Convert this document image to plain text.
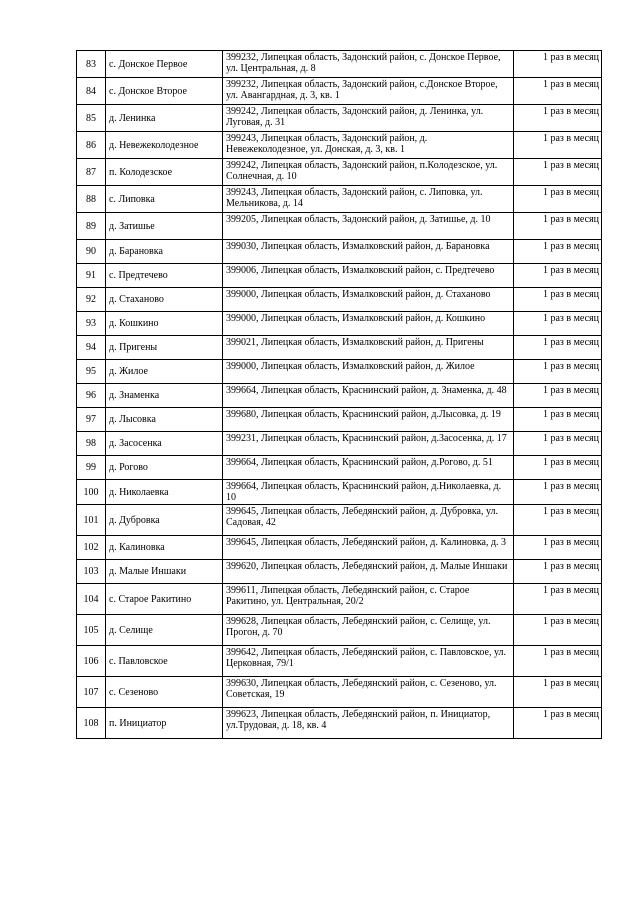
83	с. Донское Первое	399232, Липецкая область, Задонский район, с. Донское Первое, ул. Центральная, д. 8	1 раз в месяц
84	с. Донское Второе	399232, Липецкая область, Задонский район, с.Донское Второе, ул. Авангардная, д. 3, кв. 1	1 раз в месяц
85	д. Ленинка	399242, Липецкая область, Задонский район, д. Ленинка, ул. Луговая, д. 31	1 раз в месяц
86	д. Невежеколодезное	399243, Липецкая область, Задонский район, д. Невежеколодезное, ул. Донская, д. 3, кв. 1	1 раз в месяц
87	п. Колодезское	399242, Липецкая область, Задонский район, п.Колодезское, ул. Солнечная, д. 10	1 раз в месяц
88	с. Липовка	399243, Липецкая область, Задонский район, с. Липовка, ул. Мельникова, д. 14	1 раз в месяц
89	д. Затишье	399205, Липецкая область, Задонский район, д. Затишье, д. 10	1 раз в месяц
90	д. Барановка	399030, Липецкая область, Измалковский район, д. Барановка	1 раз в месяц
91	с. Предтечево	399006, Липецкая область, Измалковский район, с. Предтечево	1 раз в месяц
92	д. Стаханово	399000, Липецкая область, Измалковский район, д. Стаханово	1 раз в месяц
93	д. Кошкино	399000, Липецкая область, Измалковский район, д. Кошкино	1 раз в месяц
94	д. Пригены	399021, Липецкая область, Измалковский район, д. Пригены	1 раз в месяц
95	д. Жилое	399000, Липецкая область, Измалковский район, д. Жилое	1 раз в месяц
96	д. Знаменка	399664, Липецкая область, Краснинский район, д. Знаменка, д. 48	1 раз в месяц
97	д. Лысовка	399680, Липецкая область, Краснинский район, д.Лысовка, д. 19	1 раз в месяц
98	д. Засосенка	399231, Липецкая область, Краснинский район, д.Засосенка, д. 17	1 раз в месяц
99	д. Рогово	399664, Липецкая область, Краснинский район, д.Рогово, д. 51	1 раз в месяц
100	д. Николаевка	399664, Липецкая область, Краснинский район, д.Николаевка, д. 10	1 раз в месяц
101	д. Дубровка	399645, Липецкая область, Лебедянский район, д. Дубровка, ул. Садовая, 42	1 раз в месяц
102	д. Калиновка	399645, Липецкая область, Лебедянский район, д. Калиновка, д. 3	1 раз в месяц
103	д. Малые Иншаки	399620, Липецкая область, Лебедянский район, д. Малые Иншаки	1 раз в месяц
104	с. Старое Ракитино	399611, Липецкая область, Лебедянский район, с. Старое Ракитино, ул. Центральная, 20/2	1 раз в месяц
105	д. Селище	399628, Липецкая область, Лебедянский район, с. Селище, ул. Прогон, д. 70	1 раз в месяц
106	с. Павловское	399642, Липецкая область, Лебедянский район, с. Павловское, ул. Церковная, 79/1	1 раз в месяц
107	с. Сезеново	399630, Липецкая область, Лебедянский район, с. Сезеново, ул. Советская, 19	1 раз в месяц
108	п. Инициатор	399623, Липецкая область, Лебедянский район, п. Инициатор, ул.Трудовая, д. 18, кв. 4	1 раз в месяц
